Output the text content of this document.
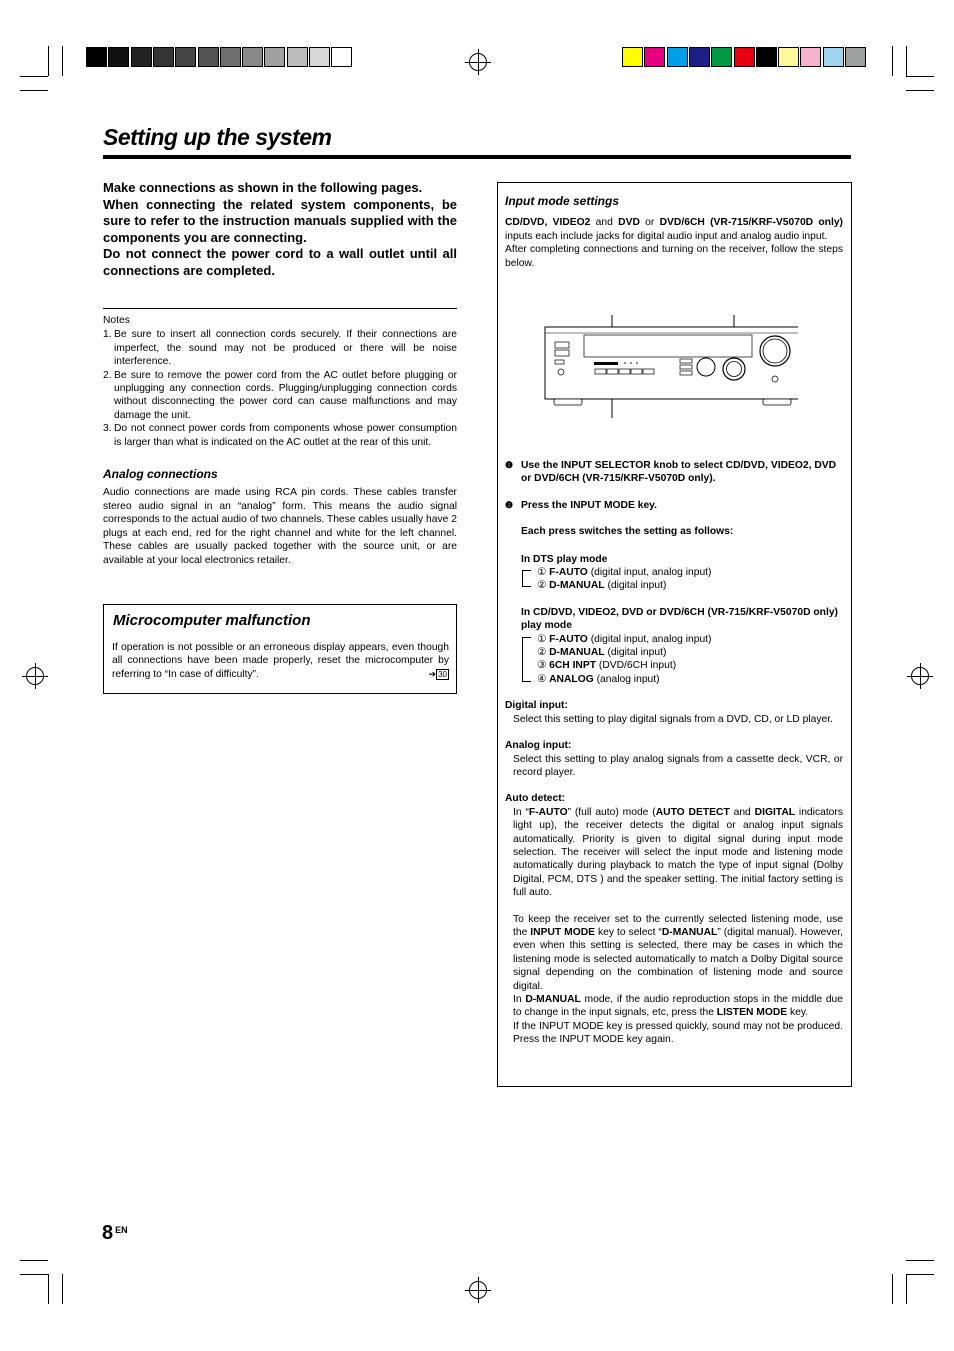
Setting up the system

Make connections as shown in the following pages.

When connecting the related system components, be sure to refer to the instruction manuals supplied with the components you are connecting.

Do not connect the power cord to a wall outlet until all connections are completed.

Notes
1. Be sure to insert all connection cords securely. If their connections are imperfect, the sound may not be produced or there will be noise interference.
2. Be sure to remove the power cord from the AC outlet before plugging or unplugging any connection cords. Plugging/unplugging connection cords without disconnecting the power cord can cause malfunctions and may damage the unit.
3. Do not connect power cords from components whose power consumption is larger than what is indicated on the AC outlet at the rear of this unit.
Analog connections
Audio connections are made using RCA pin cords. These cables transfer stereo audio signal in an “analog” form. This means the audio signal corresponds to the actual audio of two channels. These cables usually have 2 plugs at each end, red for the right channel and white for the left channel. These cables are usually packed together with the source unit, or are available at your local electronics retailer.
Microcomputer malfunction
If operation is not possible or an erroneous display appears, even though all connections have been made properly, reset the microcomputer by referring to “In case of difficulty”.	➔ 30
Input mode settings
CD/DVD, VIDEO2 and DVD or DVD/6CH (VR-715/KRF-V5070D only) inputs each include jacks for digital audio input and analog audio input.
After completing connections and turning on the receiver, follow the steps below.
❶ Use the INPUT SELECTOR knob to select CD/DVD, VIDEO2, DVD or DVD/6CH (VR-715/KRF-V5070D only).
❷ Press the INPUT MODE key.
Each press switches the setting as follows:
In DTS play mode
① F-AUTO (digital input, analog input)
② D-MANUAL (digital input)
In CD/DVD, VIDEO2, DVD or DVD/6CH (VR-715/KRF-V5070D only) play mode
① F-AUTO (digital input, analog input)
② D-MANUAL (digital input)
③ 6CH INPT (DVD/6CH input)
④ ANALOG (analog input)
Digital input:
Select this setting to play digital signals from a DVD, CD, or LD player.
Analog input:
Select this setting to play analog signals from a cassette deck, VCR, or record player.
Auto detect:
In “F-AUTO” (full auto) mode (AUTO DETECT and DIGITAL indicators light up), the receiver detects the digital or analog input signals automatically. Priority is given to digital signal during input mode selection. The receiver will select the input mode and listening mode automatically during playback to match the type of input signal (Dolby Digital, PCM, DTS ) and the speaker setting. The initial factory setting is full auto.
To keep the receiver set to the currently selected listening mode, use the INPUT MODE key to select “D-MANUAL” (digital manual). However, even when this setting is selected, there may be cases in which the listening mode is selected automatically to match a Dolby Digital source signal depending on the combination of listening mode and source digital.
In D-MANUAL mode, if the audio reproduction stops in the middle due to change in the input signals, etc, press the LISTEN MODE key.
If the INPUT MODE key is pressed quickly, sound may not be produced. Press the INPUT MODE key again.
8 $^{EN}$
